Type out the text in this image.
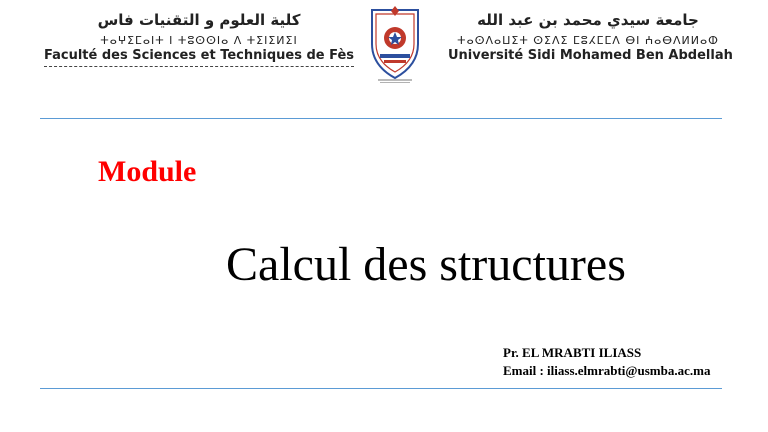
كلية العلوم و التقنيات فاس
ⵜⴰⵖⵉⵎⴰⵏⵜ ⵏ ⵜⵓⵙⵙⵏⴰ ⴷ ⵜⵉⵏⵉⵍⵉⵏ
Faculté des Sciences et Techniques de Fès
جامعة سيدي محمد بن عبد الله
ⵜⴰⵙⴷⴰⵡⵉⵜ ⵙⵉⴷⵉ ⵎⵓⵃⵎⵎⴷ ⴱⵏ ⵄⴰⴱⴷⵍⵍⴰⵀ
Université Sidi Mohamed Ben Abdellah
Module
Calcul des structures
Pr. EL MRABTI ILIASS
Email : iliass.elmrabti@usmba.ac.ma
